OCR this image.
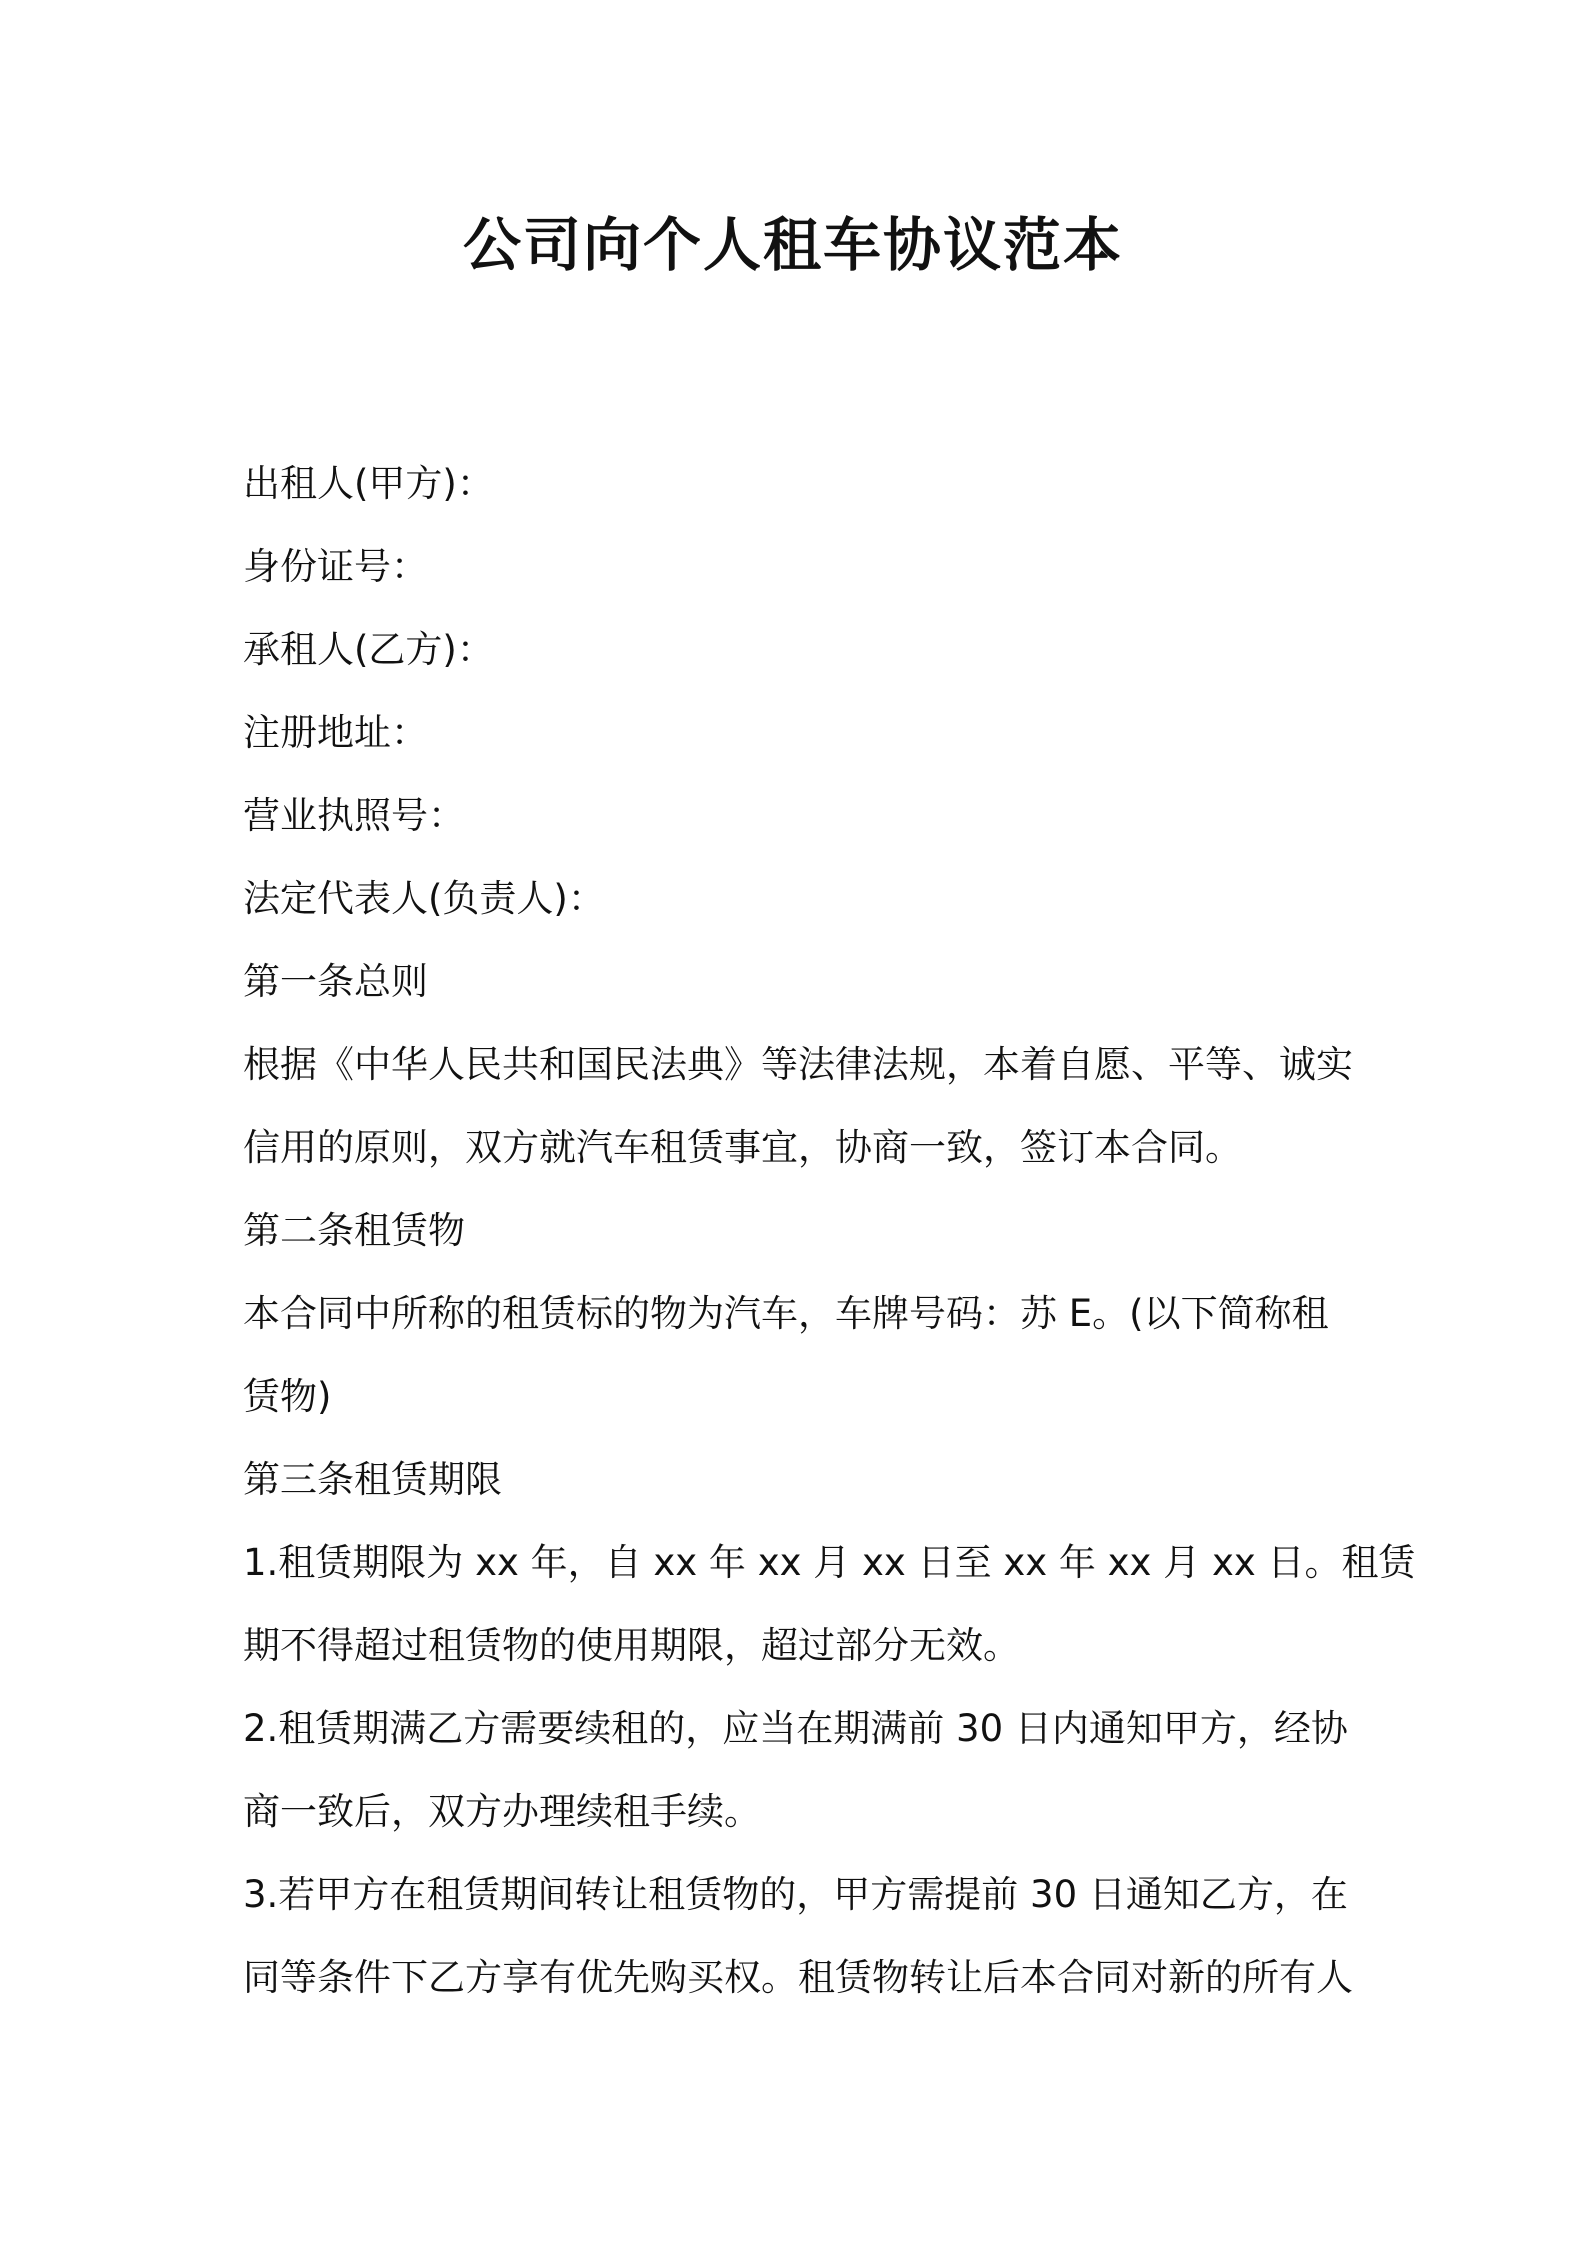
公司向个人租车协议范本

出租人(甲方)：

身份证号：

承租人(乙方)：

注册地址：

营业执照号：

法定代表人(负责人)：

第一条总则

根据《中华人民共和国民法典》等法律法规，本着自愿、平等、诚实

信用的原则，双方就汽车租赁事宜，协商一致，签订本合同。

第二条租赁物

本合同中所称的租赁标的物为汽车，车牌号码：苏 E。(以下简称租

赁物)

第三条租赁期限

1.租赁期限为 xx 年，自 xx 年 xx 月 xx 日至 xx 年 xx 月 xx 日。租赁

期不得超过租赁物的使用期限，超过部分无效。

2.租赁期满乙方需要续租的，应当在期满前 30 日内通知甲方，经协

商一致后，双方办理续租手续。

3.若甲方在租赁期间转让租赁物的，甲方需提前 30 日通知乙方，在

同等条件下乙方享有优先购买权。租赁物转让后本合同对新的所有人
